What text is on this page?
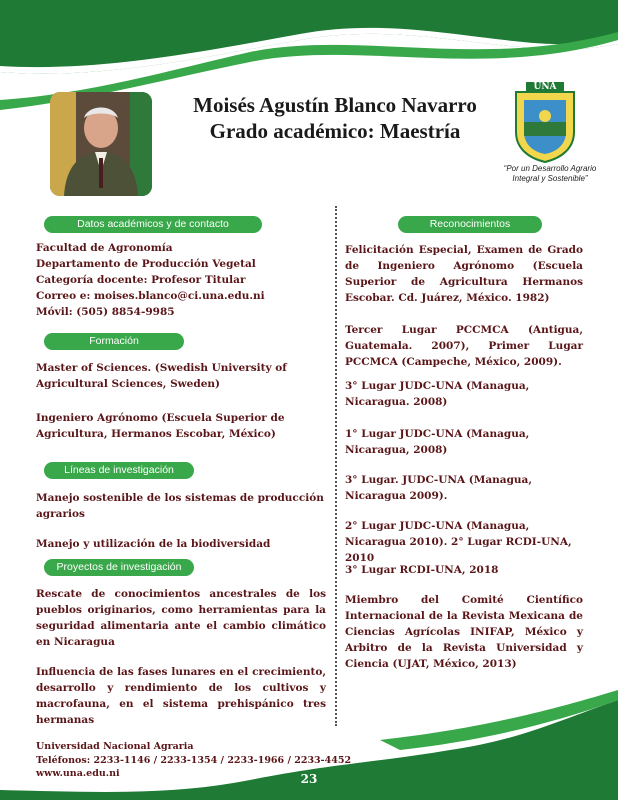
Moisés Agustín Blanco Navarro
Grado académico: Maestría
UNA
“Por un Desarrollo Agrario
Integral y Sostenible”
Datos académicos y de contacto
Facultad de Agronomía
Departamento de Producción Vegetal
Categoría docente: Profesor Titular
Correo e: moises.blanco@ci.una.edu.ni
Móvil: (505) 8854-9985
Formación
Master of Sciences. (Swedish University of Agricultural Sciences, Sweden)
Ingeniero Agrónomo (Escuela Superior de Agricultura, Hermanos Escobar, México)
Líneas de investigación
Manejo sostenible de los sistemas de producción agrarios
Manejo y utilización de la biodiversidad
Proyectos de investigación
Rescate de conocimientos ancestrales de los pueblos originarios, como herramientas para la seguridad alimentaria ante el cambio climático en Nicaragua
Influencia de las fases lunares en el crecimiento, desarrollo y rendimiento de los cultivos y macrofauna, en el sistema prehispánico tres hermanas
Reconocimientos
Felicitación Especial, Examen de Grado de Ingeniero Agrónomo (Escuela Superior de Agricultura Hermanos Escobar. Cd. Juárez, México. 1982)
Tercer Lugar PCCMCA (Antigua, Guatemala. 2007), Primer Lugar PCCMCA (Campeche, México, 2009).
3° Lugar JUDC-UNA (Managua, Nicaragua. 2008)
1° Lugar JUDC-UNA (Managua, Nicaragua, 2008)
3° Lugar. JUDC-UNA (Managua, Nicaragua 2009).
2° Lugar JUDC-UNA (Managua, Nicaragua 2010). 2° Lugar RCDI-UNA, 2010
3° Lugar RCDI-UNA, 2018
Miembro del Comité Científico Internacional de la Revista Mexicana de Ciencias Agrícolas INIFAP, México y Arbitro de la Revista Universidad y Ciencia (UJAT, México, 2013)
Universidad Nacional Agraria
Teléfonos: 2233-1146 / 2233-1354 / 2233-1966 / 2233-4452
www.una.edu.ni	23
